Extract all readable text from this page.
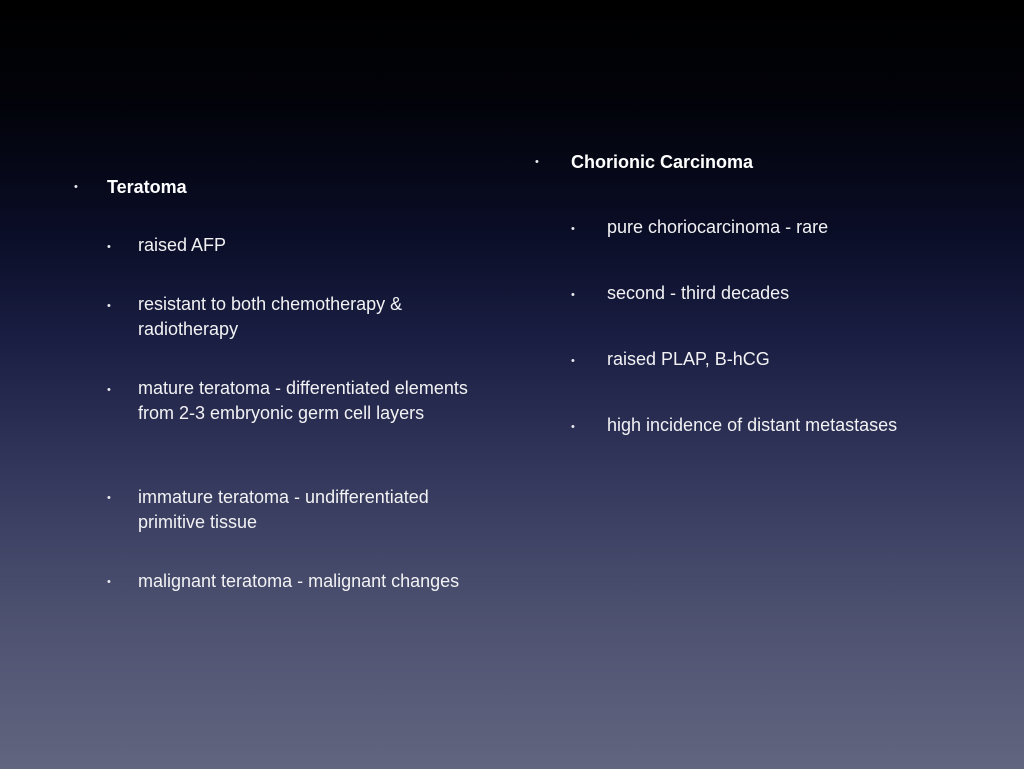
• Teratoma
• raised AFP
• resistant to both chemotherapy & radiotherapy
• mature teratoma - differentiated elements from 2-3 embryonic germ cell layers
• immature teratoma - undifferentiated primitive tissue
• malignant teratoma - malignant changes
• Chorionic Carcinoma
• pure choriocarcinoma - rare
• second - third decades
• raised PLAP, B-hCG
• high incidence of distant metastases
